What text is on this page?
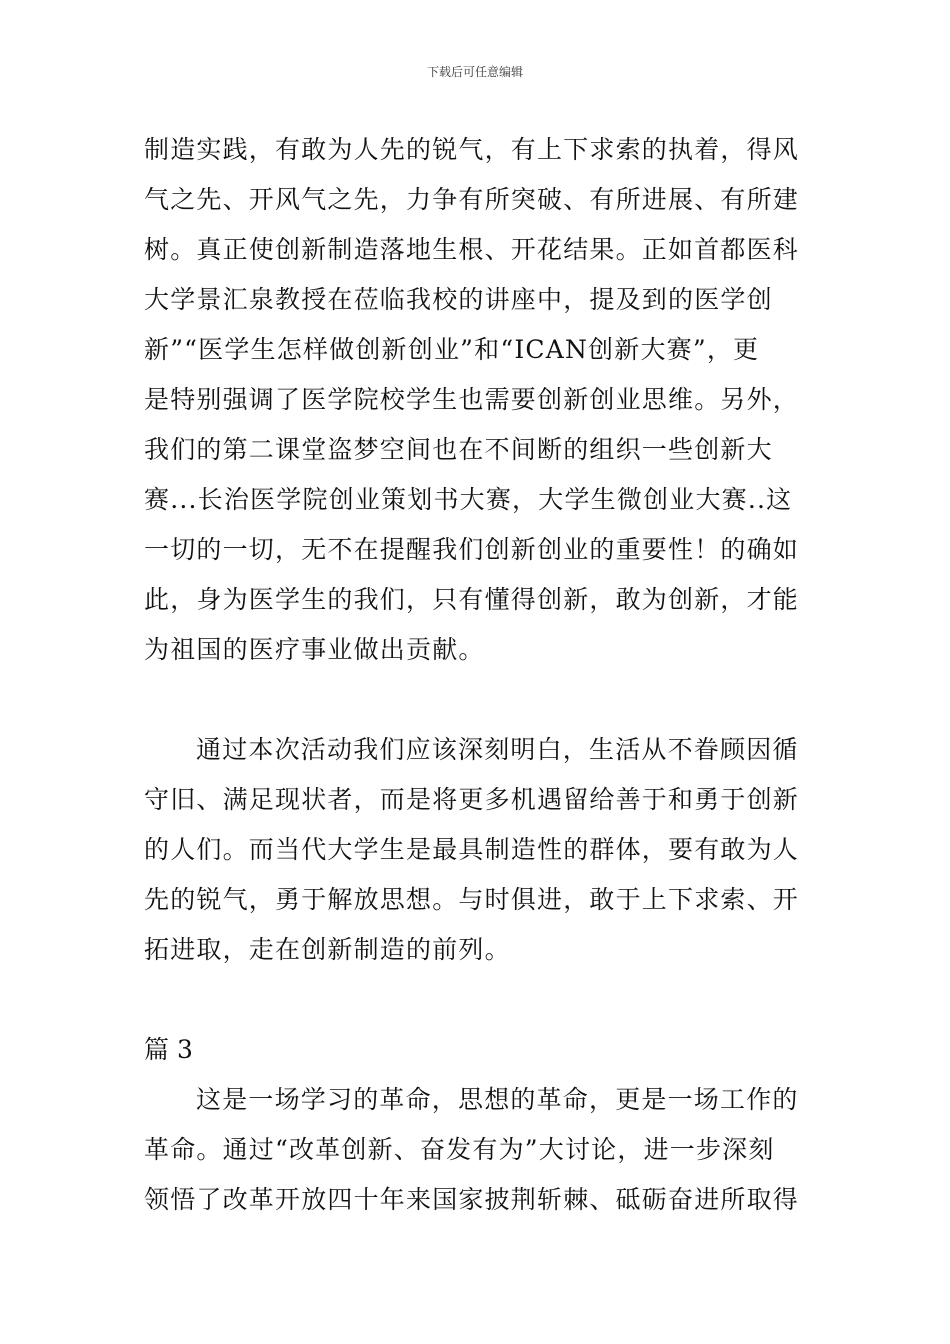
下载后可任意编辑
制造实践，有敢为人先的锐气，有上下求索的执着，得风
气之先、开风气之先，力争有所突破、有所进展、有所建
树。真正使创新制造落地生根、开花结果。正如首都医科
大学景汇泉教授在莅临我校的讲座中，提及到的医学创
新”“医学生怎样做创新创业”和“ICAN创新大赛”，更
是特别强调了医学院校学生也需要创新创业思维。另外，
我们的第二课堂盗梦空间也在不间断的组织一些创新大
赛...长治医学院创业策划书大赛，大学生微创业大赛..这
一切的一切，无不在提醒我们创新创业的重要性！的确如
此，身为医学生的我们，只有懂得创新，敢为创新，才能
为祖国的医疗事业做出贡献。
通过本次活动我们应该深刻明白，生活从不眷顾因循
守旧、满足现状者，而是将更多机遇留给善于和勇于创新
的人们。而当代大学生是最具制造性的群体，要有敢为人
先的锐气，勇于解放思想。与时俱进，敢于上下求索、开
拓进取，走在创新制造的前列。
篇 3
这是一场学习的革命，思想的革命，更是一场工作的
革命。通过“改革创新、奋发有为”大讨论，进一步深刻
领悟了改革开放四十年来国家披荆斩棘、砥砺奋进所取得
